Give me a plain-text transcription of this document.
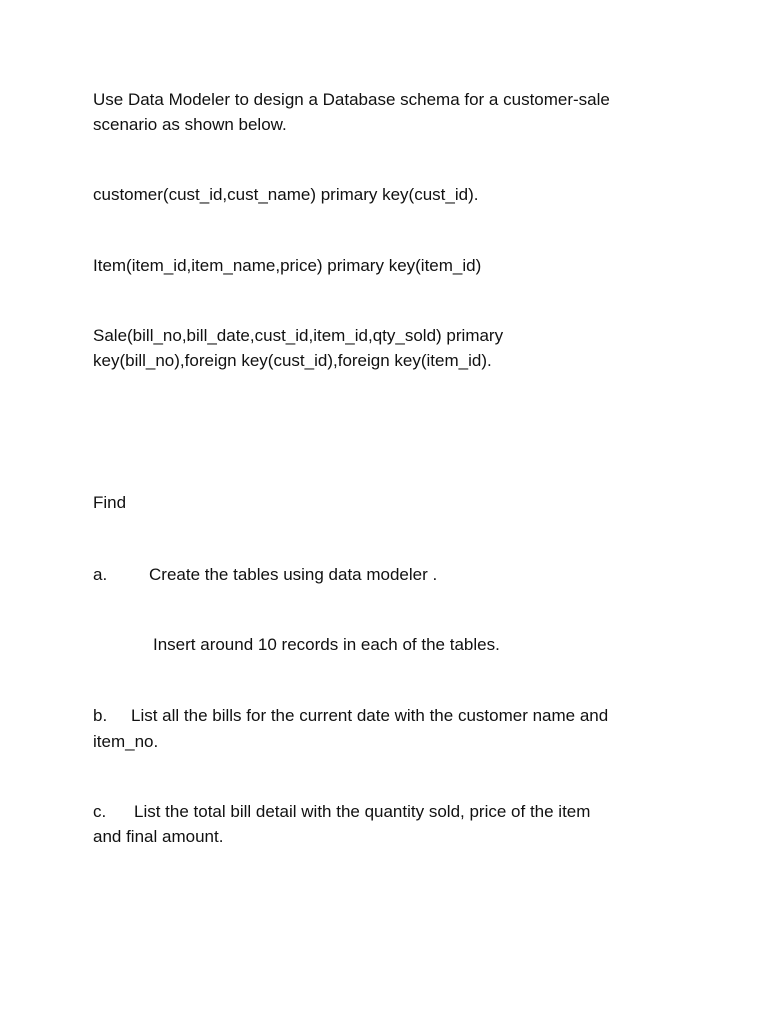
Use Data Modeler to design a Database schema for a customer-sale
scenario as shown below.
customer(cust_id,cust_name) primary key(cust_id).
Item(item_id,item_name,price) primary key(item_id)
Sale(bill_no,bill_date,cust_id,item_id,qty_sold) primary
key(bill_no),foreign key(cust_id),foreign key(item_id).
Find
a. Create the tables using data modeler .
Insert around 10 records in each of the tables.
b. List all the bills for the current date with the customer name and
item_no.
c. List the total bill detail with the quantity sold, price of the item
and final amount.
